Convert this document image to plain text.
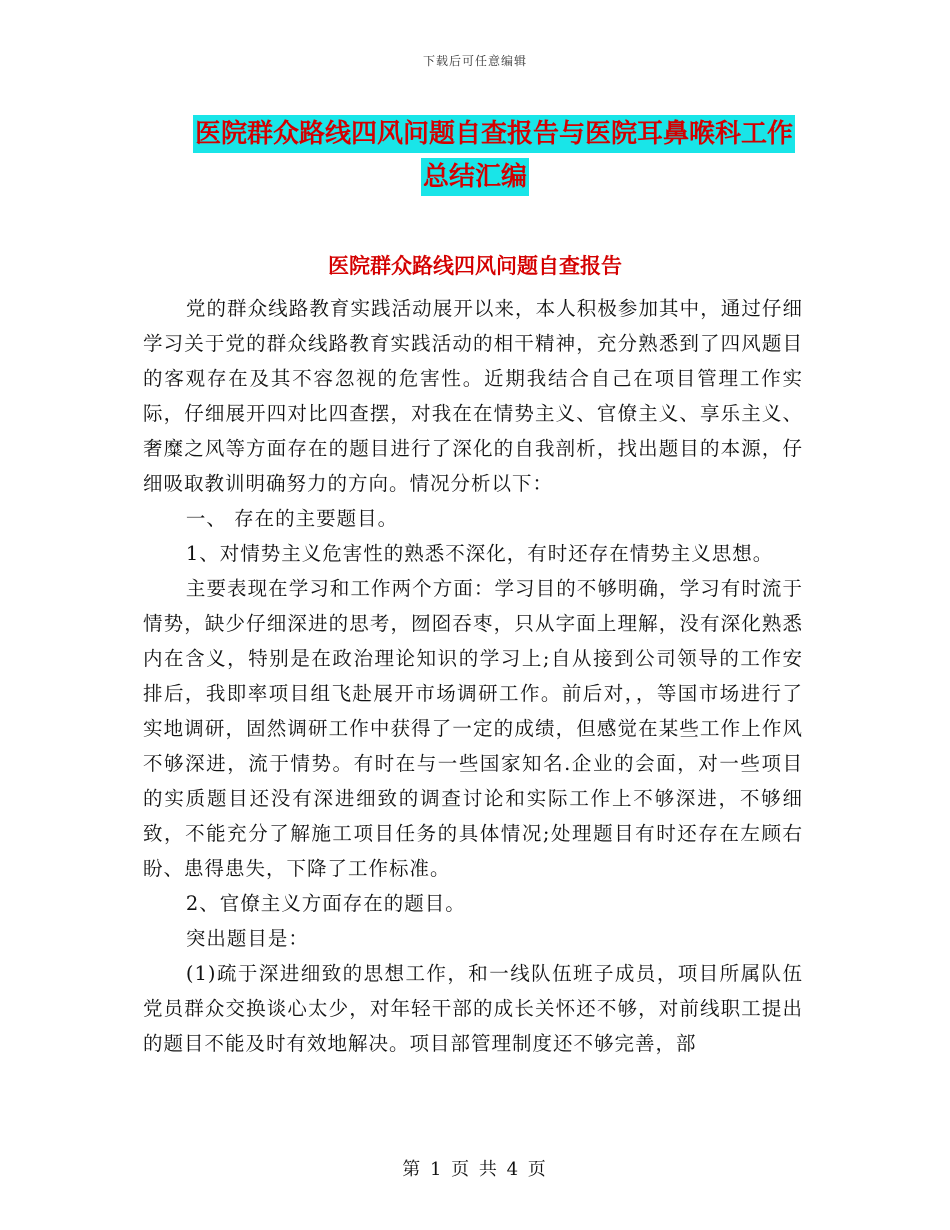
下载后可任意编辑
医院群众路线四风问题自查报告与医院耳鼻喉科工作
总结汇编
医院群众路线四风问题自查报告

党的群众线路教育实践活动展开以来，本人积极参加其中，通过仔细学习关于党的群众线路教育实践活动的相干精神，充分熟悉到了四风题目的客观存在及其不容忽视的危害性。近期我结合自己在项目管理工作实际，仔细展开四对比四查摆，对我在在情势主义、官僚主义、享乐主义、奢糜之风等方面存在的题目进行了深化的自我剖析，找出题目的本源，仔细吸取教训明确努力的方向。情况分析以下：

一、 存在的主要题目。

1、对情势主义危害性的熟悉不深化，有时还存在情势主义思想。

主要表现在学习和工作两个方面：学习目的不够明确，学习有时流于情势，缺少仔细深进的思考，囫囵吞枣，只从字面上理解，没有深化熟悉内在含义，特别是在政治理论知识的学习上;自从接到公司领导的工作安排后，我即率项目组飞赴展开市场调研工作。前后对，，等国市场进行了实地调研，固然调研工作中获得了一定的成绩，但感觉在某些工作上作风不够深进，流于情势。有时在与一些国家知名.企业的会面，对一些项目的实质题目还没有深进细致的调查讨论和实际工作上不够深进，不够细致，不能充分了解施工项目任务的具体情况;处理题目有时还存在左顾右盼、患得患失，下降了工作标准。

2、官僚主义方面存在的题目。

突出题目是：

(1)疏于深进细致的思想工作，和一线队伍班子成员，项目所属队伍党员群众交换谈心太少，对年轻干部的成长关怀还不够，对前线职工提出的题目不能及时有效地解决。项目部管理制度还不够完善，部

第 1 页 共 4 页
